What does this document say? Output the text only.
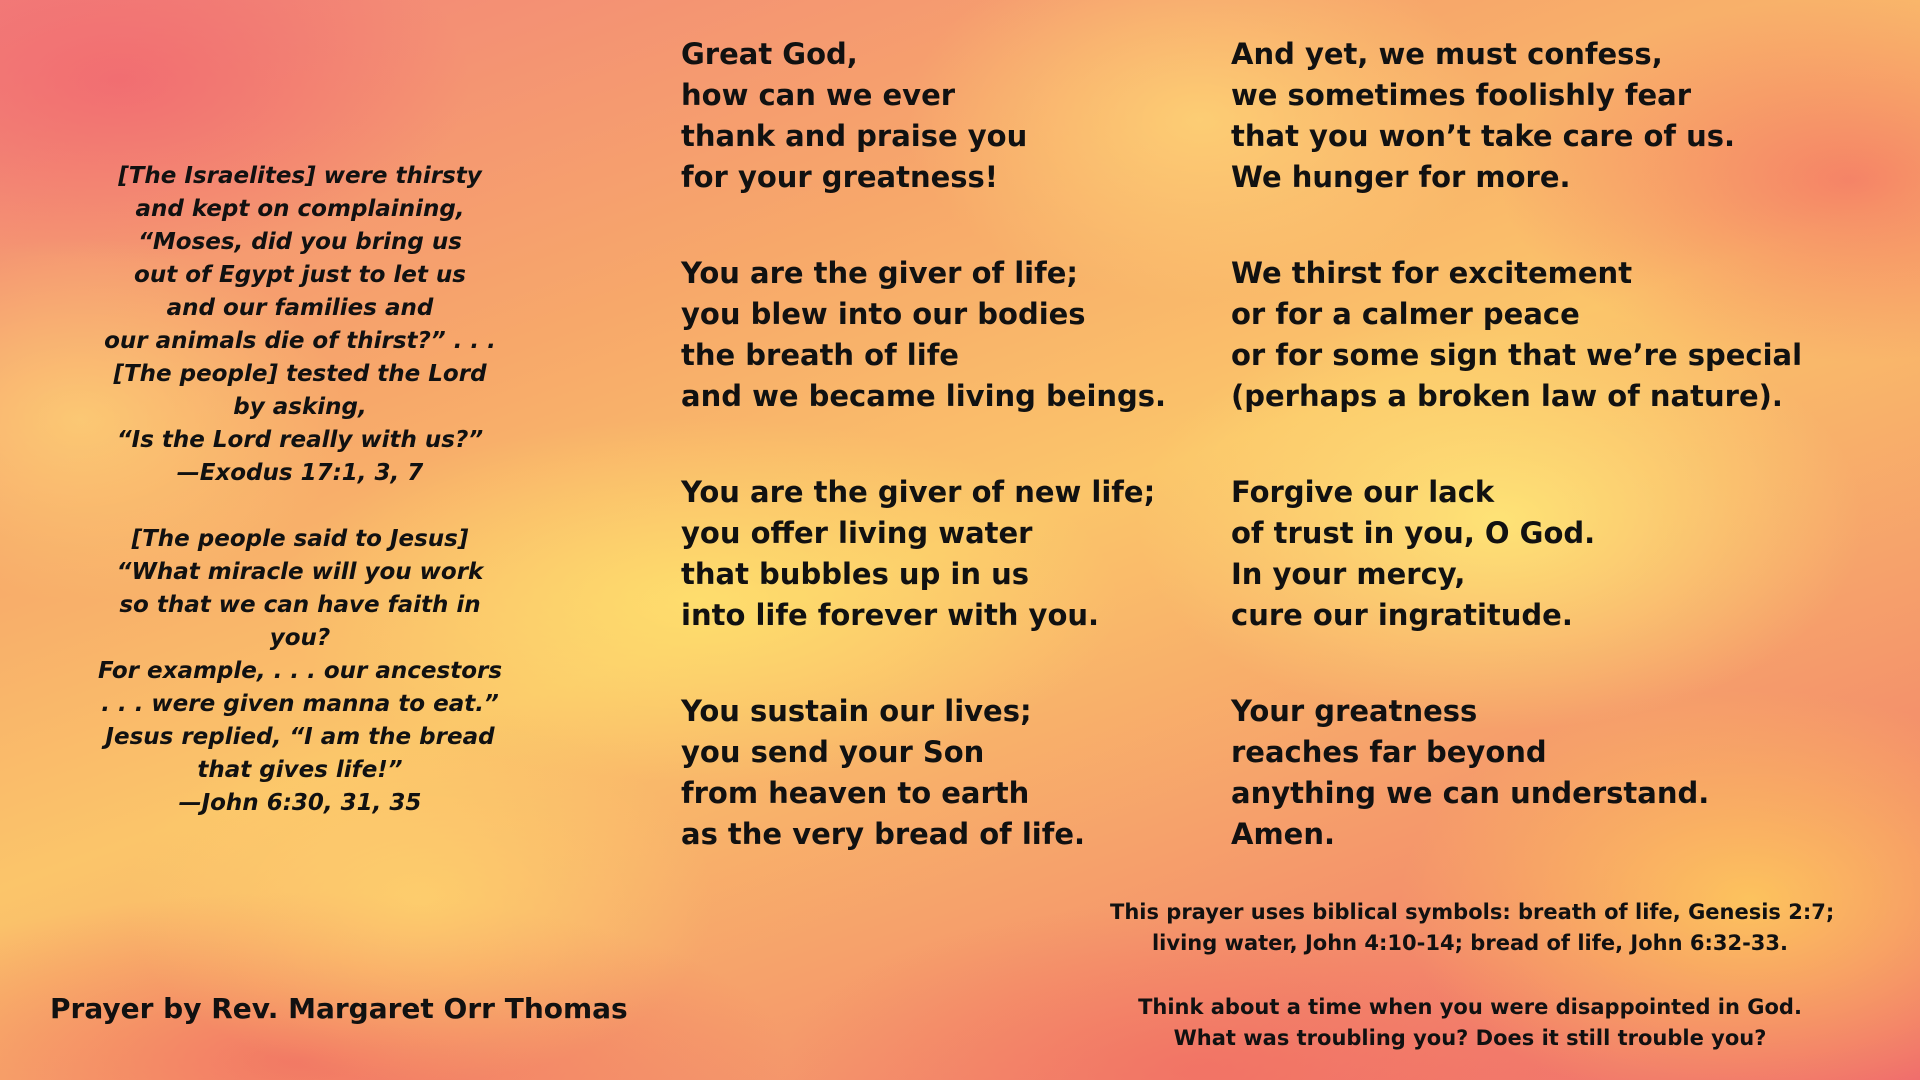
[The Israelites] were thirsty
and kept on complaining,
“Moses, did you bring us
out of Egypt just to let us
and our families and
our animals die of thirst?” . . .
[The people] tested the Lord
by asking,
“Is the Lord really with us?”
—Exodus 17:1, 3, 7

[The people said to Jesus]
“What miracle will you work
so that we can have faith in you?
For example, . . . our ancestors
. . . were given manna to eat.”
Jesus replied, “I am the bread
that gives life!”
—John 6:30, 31, 35

Great God,
how can we ever
thank and praise you
for your greatness!
You are the giver of life;
you blew into our bodies
the breath of life
and we became living beings.
You are the giver of new life;
you offer living water
that bubbles up in us
into life forever with you.
You sustain our lives;
you send your Son
from heaven to earth
as the very bread of life.
And yet, we must confess,
we sometimes foolishly fear
that you won’t take care of us.
We hunger for more.
We thirst for excitement
or for a calmer peace
or for some sign that we’re special
(perhaps a broken law of nature).
Forgive our lack
of trust in you, O God.
In your mercy,
cure our ingratitude.
Your greatness
reaches far beyond
anything we can understand.
Amen.
This prayer uses biblical symbols: breath of life, Genesis 2:7;
living water, John 4:10-14; bread of life, John 6:32-33.
Think about a time when you were disappointed in God.
What was troubling you? Does it still trouble you?
Prayer by Rev. Margaret Orr Thomas
